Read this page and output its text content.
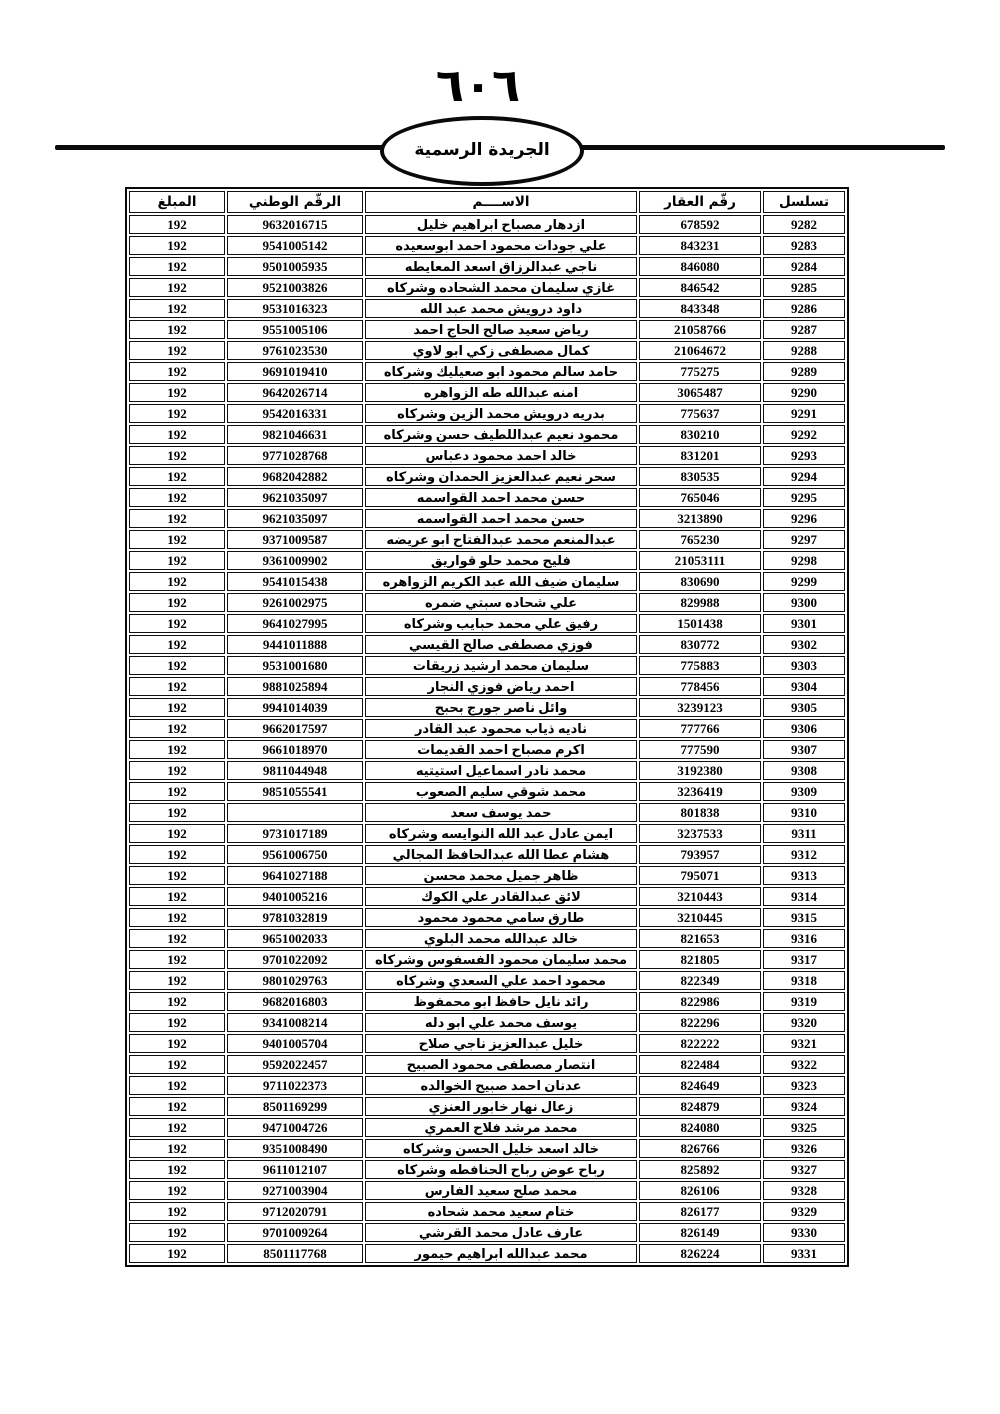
٦٠٦
الجريدة الرسمية
تسلسل	رقّم العقار	الاســــم	الرقّم الوطني	المبلغ
9282	678592	ازدهار مصباح ابراهيم خليل	9632016715	192
9283	843231	علي جودات محمود احمد ابوسعيده	9541005142	192
9284	846080	ناجي عبدالرزاق اسعد المعايطه	9501005935	192
9285	846542	غازي سليمان محمد الشحاده وشركاه	9521003826	192
9286	843348	داود درويش محمد عبد الله	9531016323	192
9287	21058766	رياض سعيد صالح الحاج احمد	9551005106	192
9288	21064672	كمال مصطفى زكي ابو لاوي	9761023530	192
9289	775275	حامد سالم محمود ابو صعيليك وشركاه	9691019410	192
9290	3065487	امنه عبدالله طه الزواهره	9642026714	192
9291	775637	بدريه درويش محمد الزين وشركاه	9542016331	192
9292	830210	محمود نعيم عبداللطيف حسن وشركاه	9821046631	192
9293	831201	خالد احمد محمود دعباس	9771028768	192
9294	830535	سحر نعيم عبدالعزيز الحمدان وشركاه	9682042882	192
9295	765046	حسن محمد احمد القواسمه	9621035097	192
9296	3213890	حسن محمد احمد القواسمه	9621035097	192
9297	765230	عبدالمنعم محمد عبدالفتاح ابو عريضه	9371009587	192
9298	21053111	فليح محمد حلو قواريق	9361009902	192
9299	830690	سليمان ضيف الله عبد الكريم الزواهره	9541015438	192
9300	829988	علي شحاده سبتي ضمره	9261002975	192
9301	1501438	رفيق علي محمد حبايب وشركاه	9641027995	192
9302	830772	فوزي مصطفى صالح القيسي	9441011888	192
9303	775883	سليمان محمد ارشيد زريقات	9531001680	192
9304	778456	احمد رياض فوزي النجار	9881025894	192
9305	3239123	وائل ناصر جورج بحبح	9941014039	192
9306	777766	ناديه ذياب محمود عبد القادر	9662017597	192
9307	777590	اكرم مصباح احمد القديمات	9661018970	192
9308	3192380	محمد نادر اسماعيل استيتيه	9811044948	192
9309	3236419	محمد شوقي سليم الصعوب	9851055541	192
9310	801838	حمد يوسف سعد		192
9311	3237533	ايمن عادل عبد الله النوايسه وشركاه	9731017189	192
9312	793957	هشام عطا الله عبدالحافظ المجالي	9561006750	192
9313	795071	ظاهر جميل محمد محسن	9641027188	192
9314	3210443	لائق عبدالقادر علي الكوك	9401005216	192
9315	3210445	طارق سامي محمود محمود	9781032819	192
9316	821653	خالد عبدالله محمد البلوي	9651002033	192
9317	821805	محمد سليمان محمود الفسفوس وشركاه	9701022092	192
9318	822349	محمود احمد علي السعدي وشركاه	9801029763	192
9319	822986	رائد نايل حافظ ابو محمفوظ	9682016803	192
9320	822296	يوسف محمد علي ابو دله	9341008214	192
9321	822222	خليل عبدالعزيز ناجي صلاح	9401005704	192
9322	822484	انتصار مصطفى محمود الصبيح	9592022457	192
9323	824649	عدنان احمد صبيح الخوالده	9711022373	192
9324	824879	زعال نهار خابور العنزي	8501169299	192
9325	824080	محمد مرشد فلاح العمري	9471004726	192
9326	826766	خالد اسعد خليل الحسن وشركاه	9351008490	192
9327	825892	رباح عوض رباح الحنافطه وشركاه	9611012107	192
9328	826106	محمد صلح سعيد الفارس	9271003904	192
9329	826177	ختام سعيد محمد شحاده	9712020791	192
9330	826149	عارف عادل محمد القرشي	9701009264	192
9331	826224	محمد عبدالله ابراهيم حيمور	8501117768	192
